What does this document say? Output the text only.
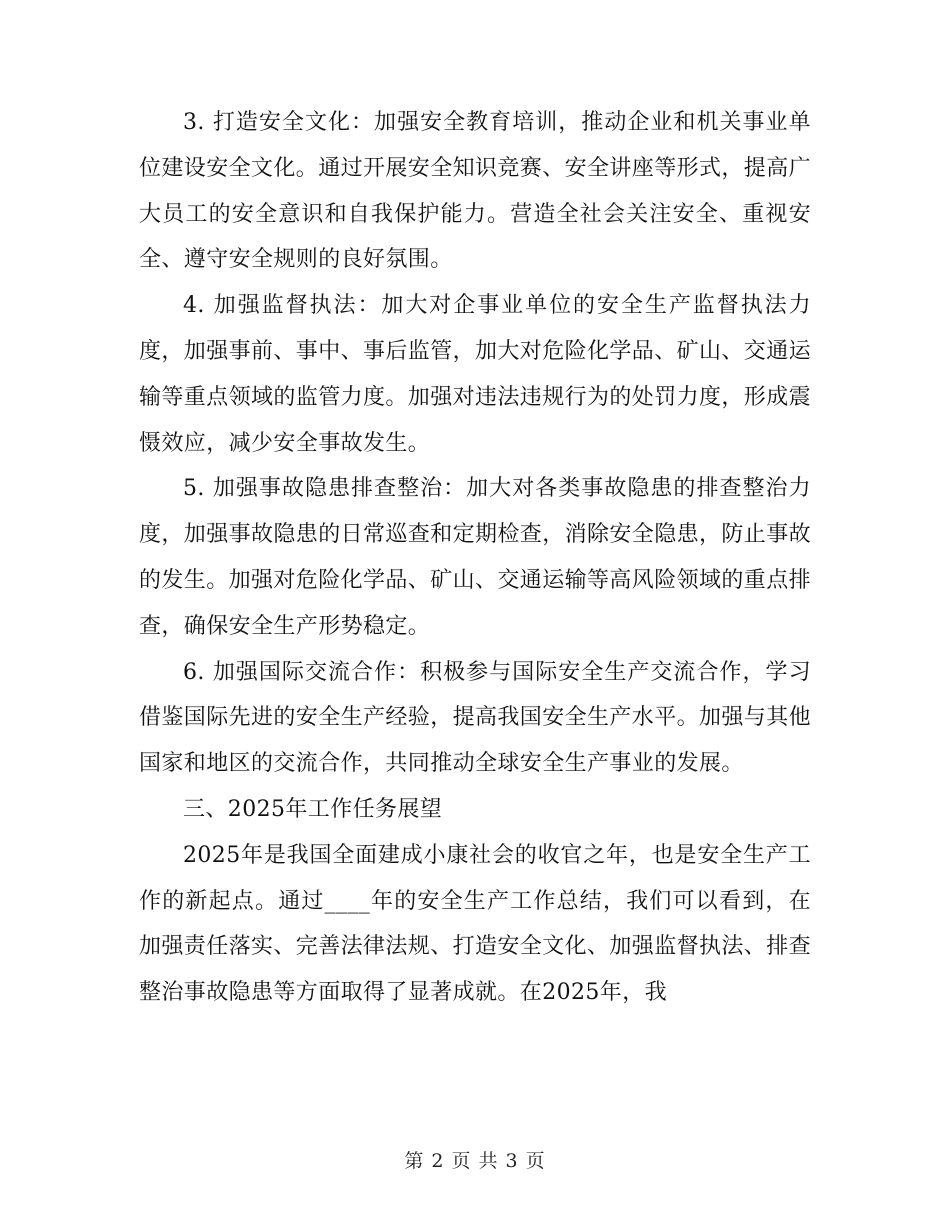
3. 打造安全文化：加强安全教育培训，推动企业和机关事业单位建设安全文化。通过开展安全知识竞赛、安全讲座等形式，提高广大员工的安全意识和自我保护能力。营造全社会关注安全、重视安全、遵守安全规则的良好氛围。

4. 加强监督执法：加大对企事业单位的安全生产监督执法力度，加强事前、事中、事后监管，加大对危险化学品、矿山、交通运输等重点领域的监管力度。加强对违法违规行为的处罚力度，形成震慑效应，减少安全事故发生。

5. 加强事故隐患排查整治：加大对各类事故隐患的排查整治力度，加强事故隐患的日常巡查和定期检查，消除安全隐患，防止事故的发生。加强对危险化学品、矿山、交通运输等高风险领域的重点排查，确保安全生产形势稳定。

6. 加强国际交流合作：积极参与国际安全生产交流合作，学习借鉴国际先进的安全生产经验，提高我国安全生产水平。加强与其他国家和地区的交流合作，共同推动全球安全生产事业的发展。

三、2025年工作任务展望

2025年是我国全面建成小康社会的收官之年，也是安全生产工作的新起点。通过____年的安全生产工作总结，我们可以看到，在加强责任落实、完善法律法规、打造安全文化、加强监督执法、排查整治事故隐患等方面取得了显著成就。在2025年，我

第 2 页 共 3 页
